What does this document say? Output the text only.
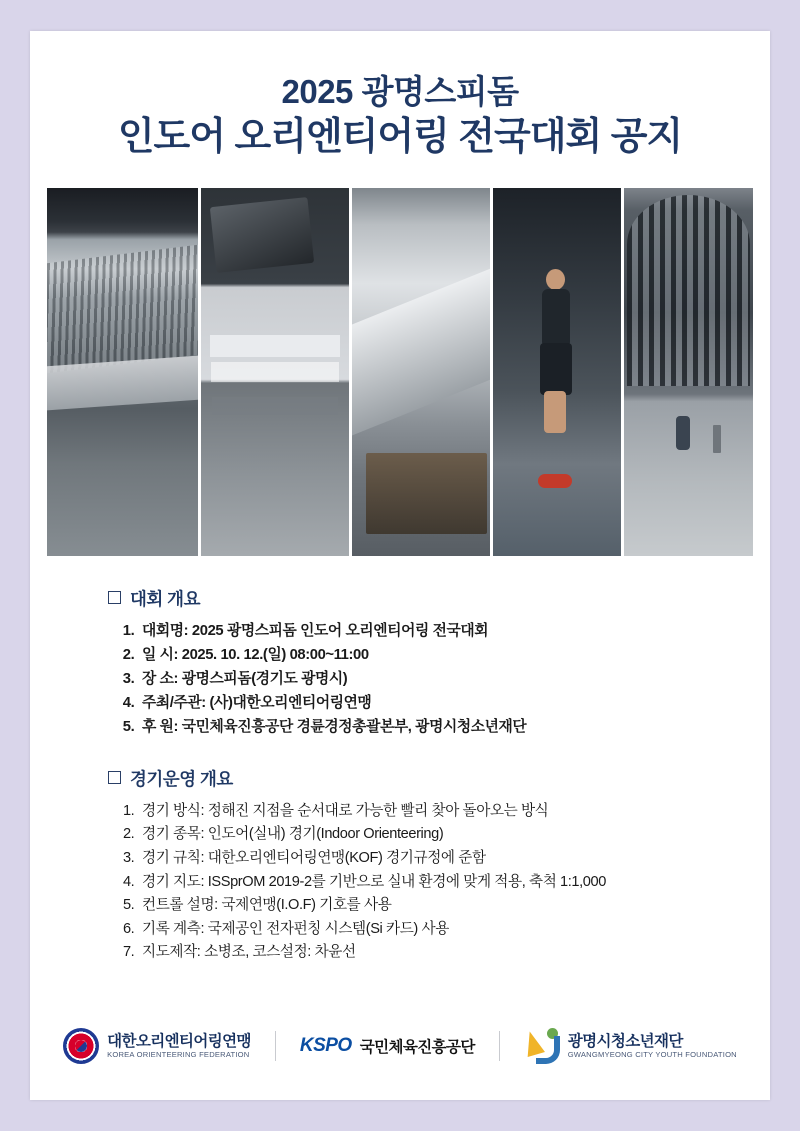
2025 광명스피돔
인도어 오리엔티어링 전국대회 공지
대회 개요
1. 대회명: 2025 광명스피돔 인도어 오리엔티어링 전국대회
2. 일 시: 2025. 10. 12.(일) 08:00~11:00
3. 장 소: 광명스피돔(경기도 광명시)
4. 주최/주관: (사)대한오리엔티어링연맹
5. 후 원: 국민체육진흥공단 경륜경정총괄본부, 광명시청소년재단
경기운영 개요
1. 경기 방식: 정해진 지점을 순서대로 가능한 빨리 찾아 돌아오는 방식
2. 경기 종목: 인도어(실내) 경기(Indoor Orienteering)
3. 경기 규칙: 대한오리엔티어링연맹(KOF) 경기규정에 준함
4. 경기 지도: ISSprOM 2019-2를 기반으로 실내 환경에 맞게 적용, 축척 1:1,000
5. 컨트롤 설명: 국제연맹(I.O.F) 기호를 사용
6. 기록 계측: 국제공인 전자펀칭 시스템(Si 카드) 사용
7. 지도제작: 소병조, 코스설정: 차윤선
대한오리엔티어링연맹
KOREA ORIENTEERING FEDERATION	KSPO 국민체육진흥공단	광명시청소년재단
GWANGMYEONG CITY YOUTH FOUNDATION
